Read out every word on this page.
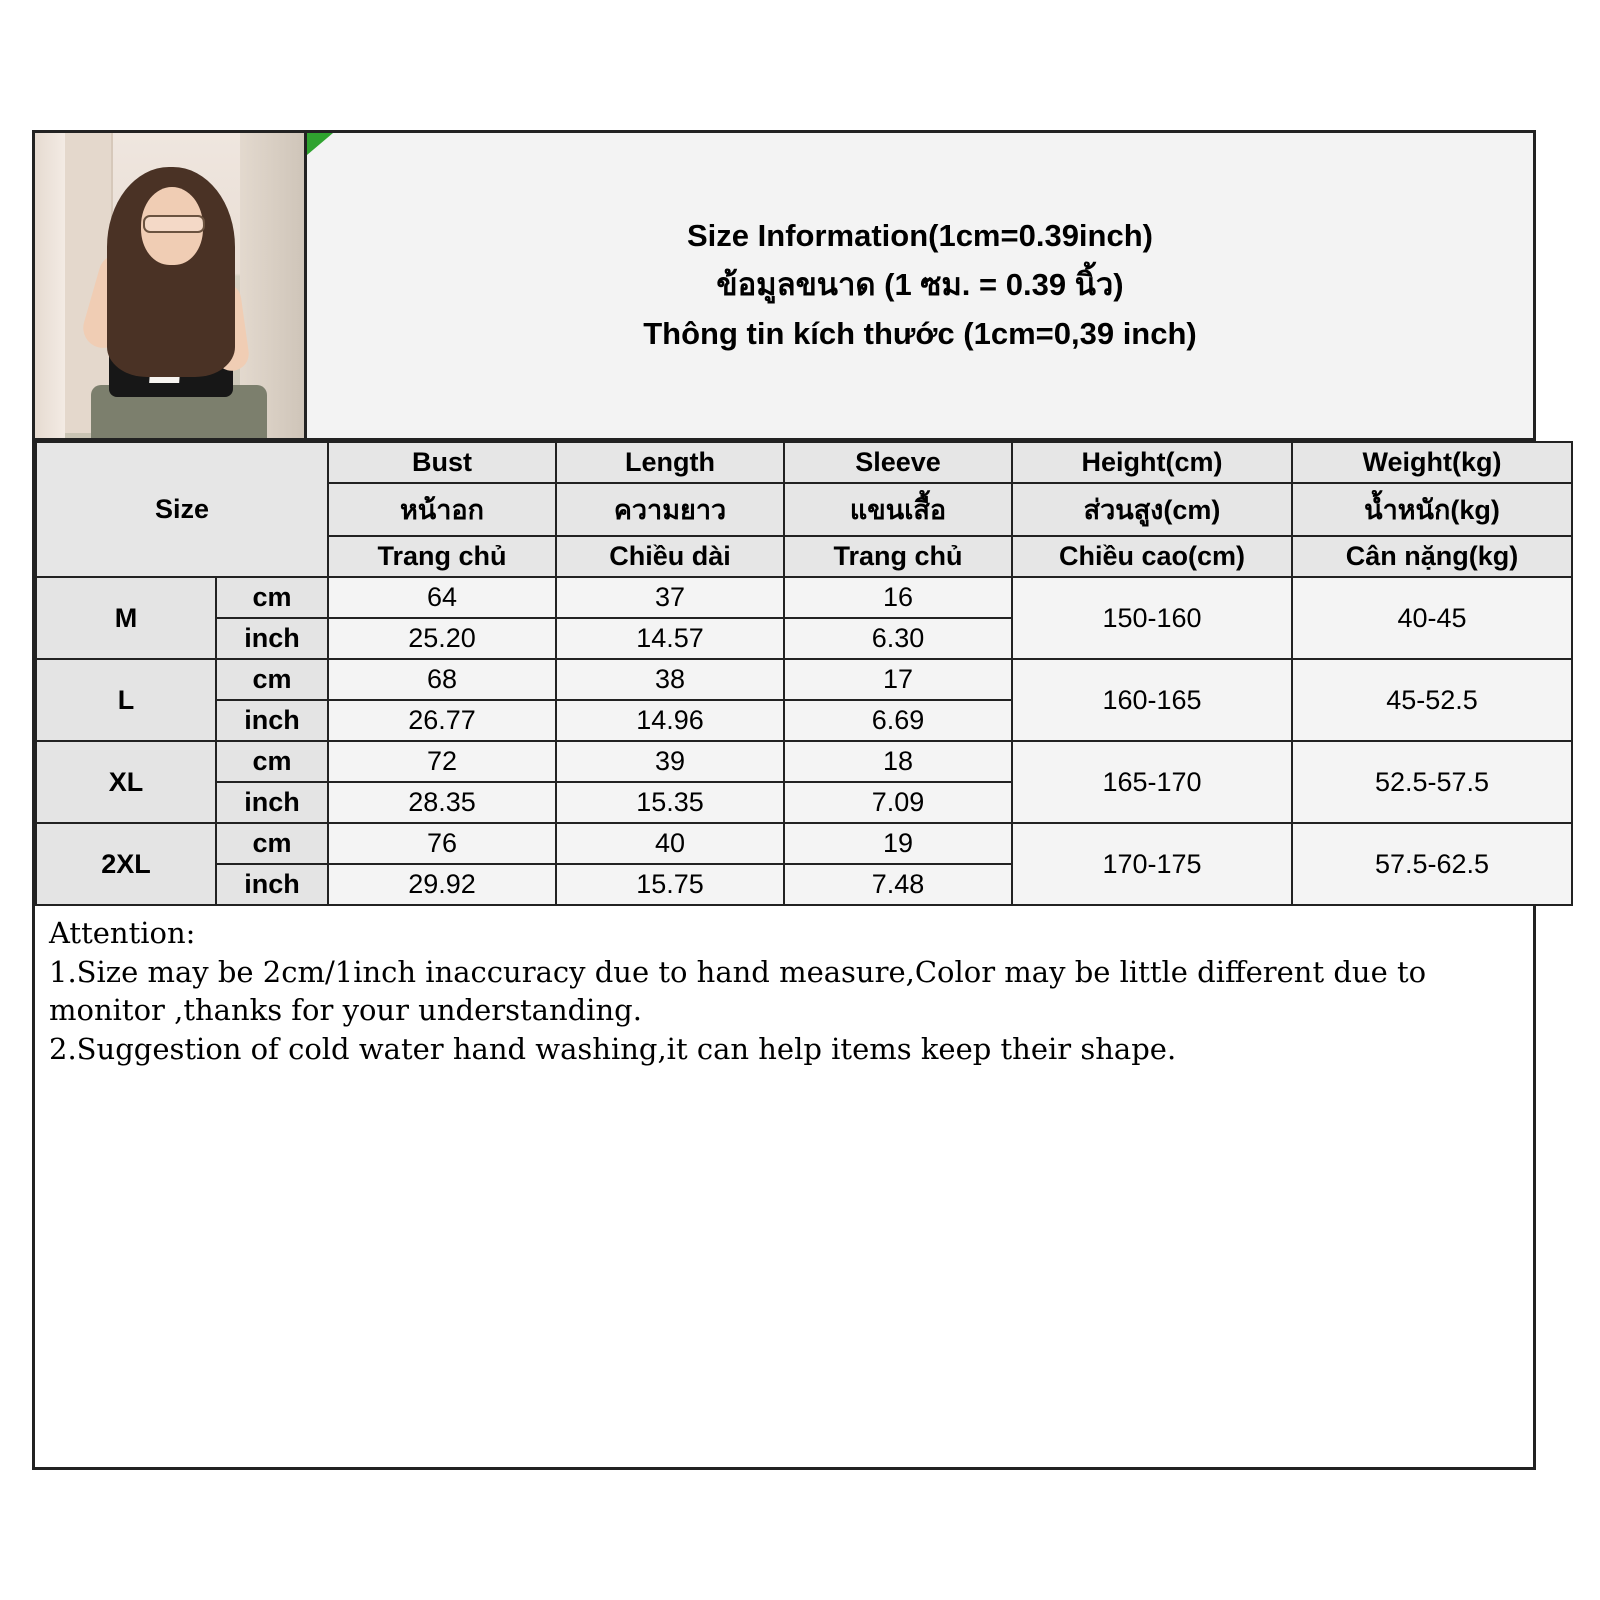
Size Information(1cm=0.39inch)
ข้อมูลขนาด (1 ซม. = 0.39 นิ้ว)
Thông tin kích thước (1cm=0,39 inch)
Size		Bust	Length	Sleeve	Height(cm)	Weight(kg)
		หน้าอก	ความยาว	แขนเสื้อ	ส่วนสูง(cm)	น้ำหนัก(kg)
		Trang chủ	Chiều dài	Trang chủ	Chiều cao(cm)	Cân nặng(kg)
M	cm	64	37	16	150-160	40-45
	inch	25.20	14.57	6.30		
L	cm	68	38	17	160-165	45-52.5
	inch	26.77	14.96	6.69		
XL	cm	72	39	18	165-170	52.5-57.5
	inch	28.35	15.35	7.09		
2XL	cm	76	40	19	170-175	57.5-62.5
	inch	29.92	15.75	7.48		
Attention:
1.Size may be 2cm/1inch inaccuracy due to hand measure,Color may be little different due to
monitor ,thanks for your understanding.
2.Suggestion of cold water hand washing,it can help items keep their shape.
